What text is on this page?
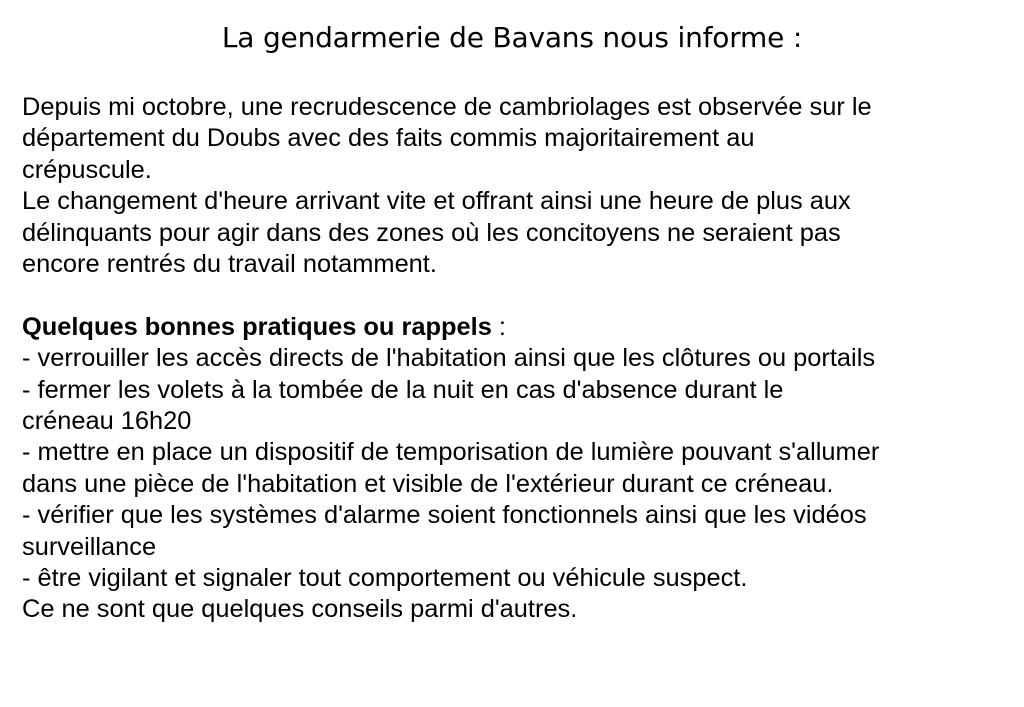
La gendarmerie de Bavans nous informe :
Depuis mi octobre, une recrudescence de cambriolages est observée sur le
département du Doubs avec des faits commis majoritairement au
crépuscule.
Le changement d'heure arrivant vite et offrant ainsi une heure de plus aux
délinquants pour agir dans des zones où les concitoyens ne seraient pas
encore rentrés du travail notamment.
Quelques bonnes pratiques ou rappels :
- verrouiller les accès directs de l'habitation ainsi que les clôtures ou portails
- fermer les volets à la tombée de la nuit en cas d'absence durant le
créneau 16h20
- mettre en place un dispositif de temporisation de lumière pouvant s'allumer
dans une pièce de l'habitation et visible de l'extérieur durant ce créneau.
- vérifier que les systèmes d'alarme soient fonctionnels ainsi que les vidéos
surveillance
- être vigilant et signaler tout comportement ou véhicule suspect.
Ce ne sont que quelques conseils parmi d'autres.
